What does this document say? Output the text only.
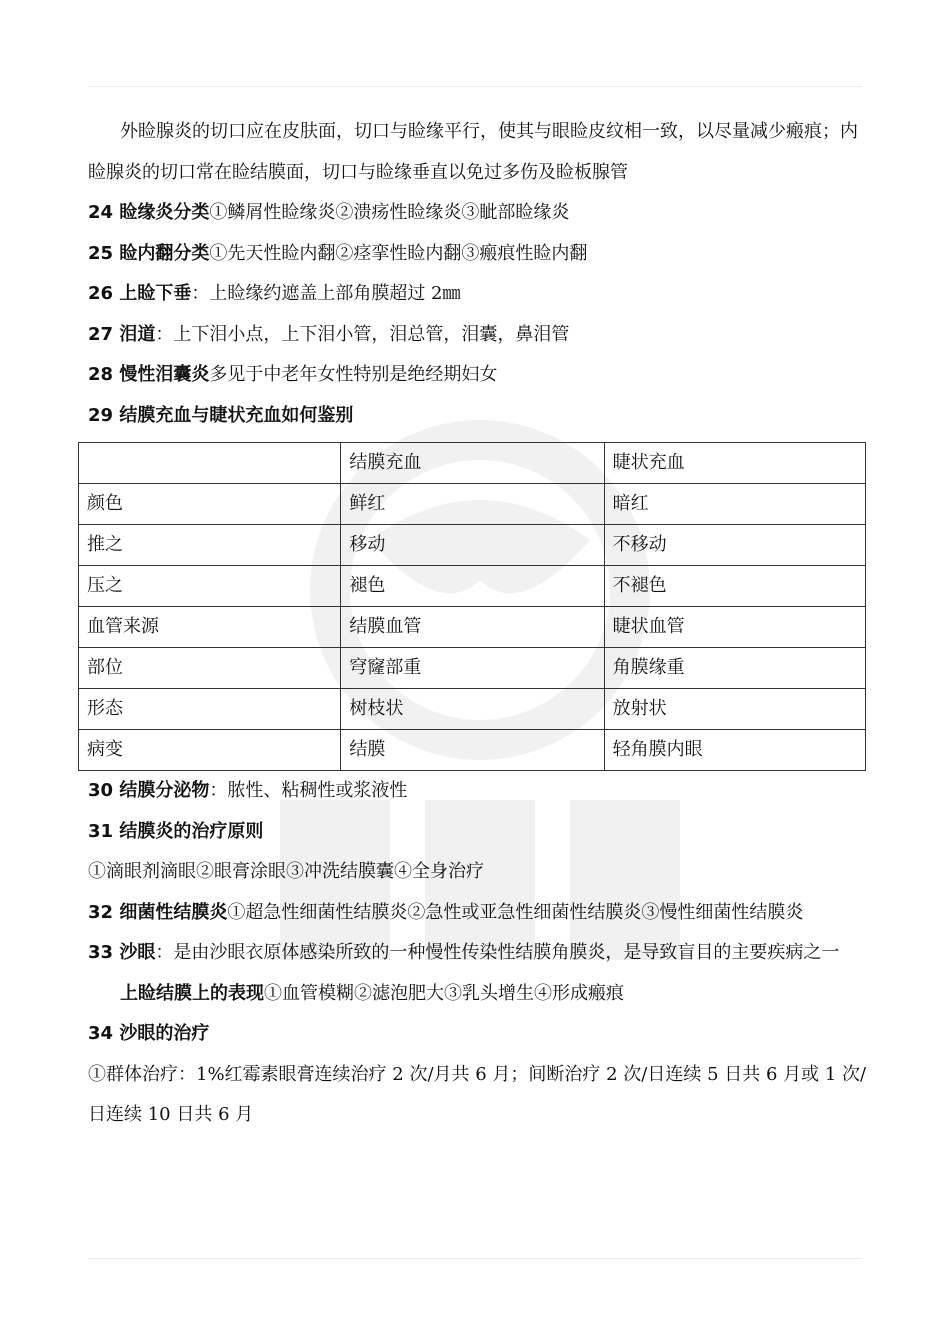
外睑腺炎的切口应在皮肤面，切口与睑缘平行，使其与眼睑皮纹相一致，以尽量减少瘢痕；内睑腺炎的切口常在睑结膜面，切口与睑缘垂直以免过多伤及睑板腺管

24 睑缘炎分类①鳞屑性睑缘炎②溃疡性睑缘炎③眦部睑缘炎

25 睑内翻分类①先天性睑内翻②痉挛性睑内翻③瘢痕性睑内翻

26 上睑下垂：上睑缘约遮盖上部角膜超过 2㎜

27 泪道：上下泪小点，上下泪小管，泪总管，泪囊，鼻泪管

28 慢性泪囊炎多见于中老年女性特别是绝经期妇女

29 结膜充血与睫状充血如何鉴别

	结膜充血	睫状充血
颜色	鲜红	暗红
推之	移动	不移动
压之	褪色	不褪色
血管来源	结膜血管	睫状血管
部位	穹窿部重	角膜缘重
形态	树枝状	放射状
病变	结膜	轻角膜内眼

30 结膜分泌物：脓性、粘稠性或浆液性

31 结膜炎的治疗原则

①滴眼剂滴眼②眼膏涂眼③冲洗结膜囊④全身治疗

32 细菌性结膜炎①超急性细菌性结膜炎②急性或亚急性细菌性结膜炎③慢性细菌性结膜炎

33 沙眼：是由沙眼衣原体感染所致的一种慢性传染性结膜角膜炎，是导致盲目的主要疾病之一

上睑结膜上的表现①血管模糊②滤泡肥大③乳头增生④形成瘢痕

34 沙眼的治疗

①群体治疗：1%红霉素眼膏连续治疗 2 次/月共 6 月；间断治疗 2 次/日连续 5 日共 6 月或 1 次/日连续 10 日共 6 月
